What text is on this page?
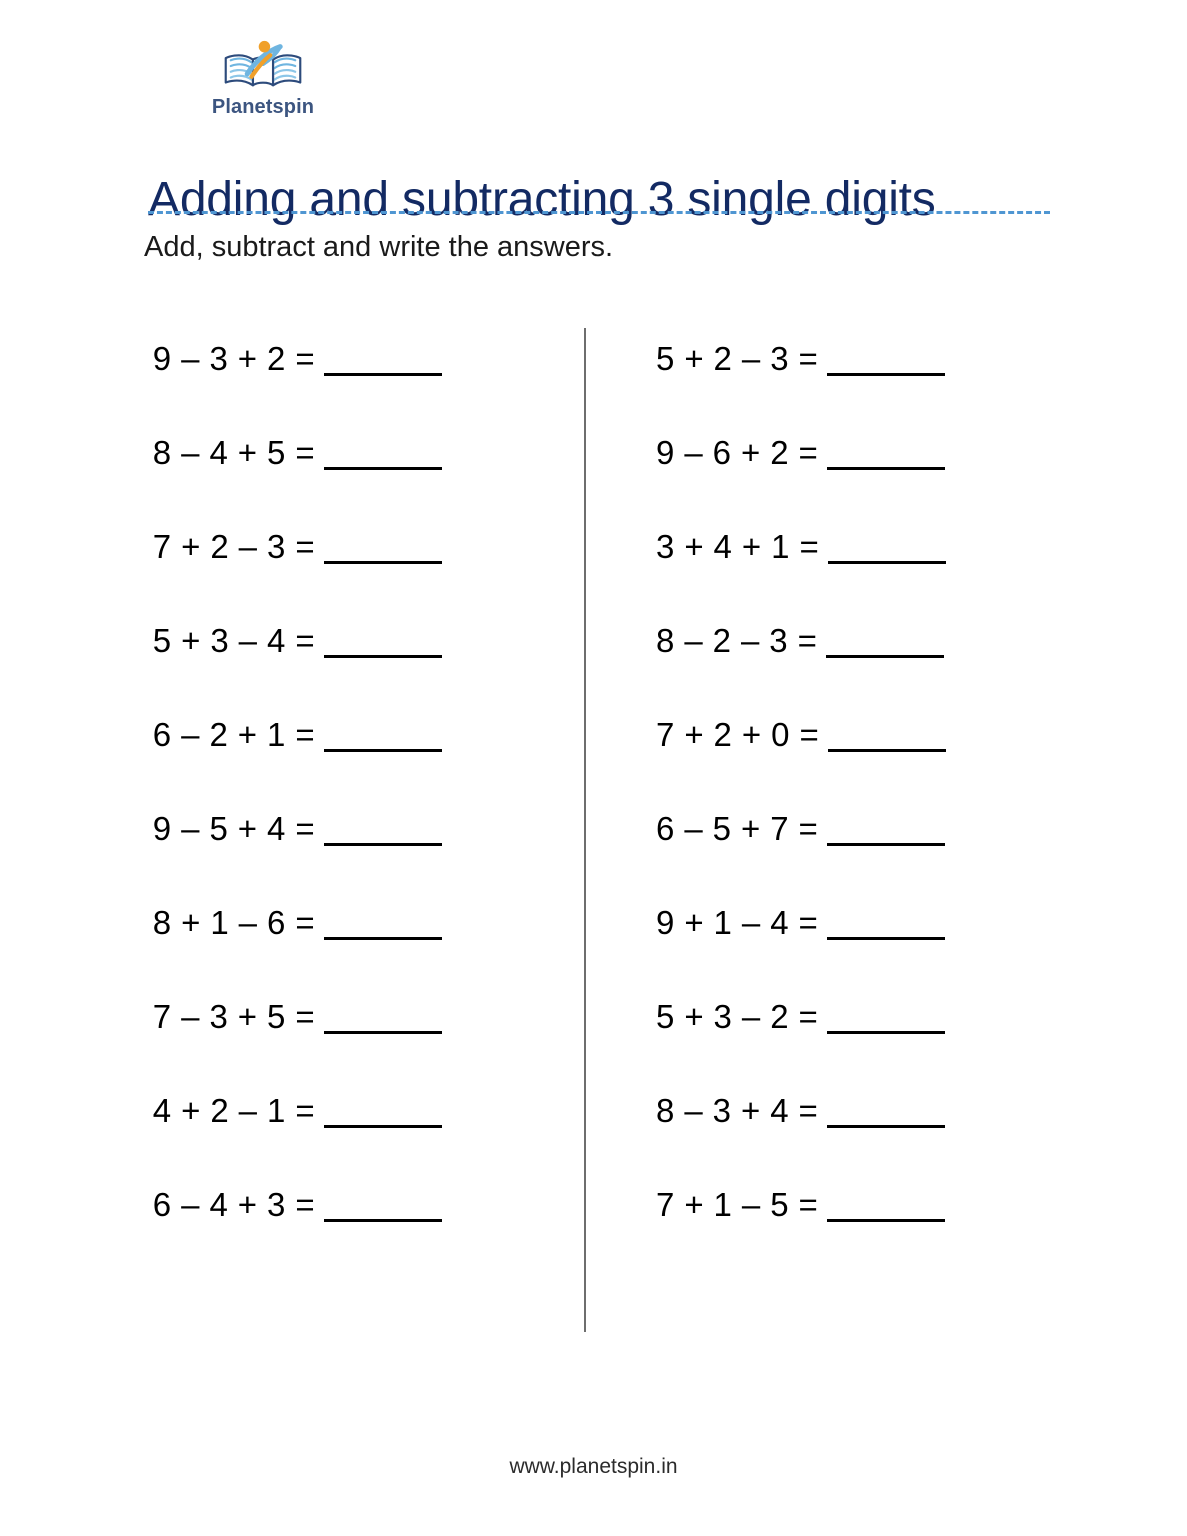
Planetspin
Adding and subtracting 3 single digits
Add, subtract and write the answers.
9 – 3 + 2 =
8 – 4 + 5 =
7 + 2 – 3 =
5 + 3 – 4 =
6 – 2 + 1 =
9 – 5 + 4 =
8 + 1 – 6 =
7 – 3 + 5 =
4 + 2 – 1 =
6 – 4 + 3 =
5 + 2 – 3 =
9 – 6 + 2 =
3 + 4 + 1 =
8 – 2 – 3 =
7 + 2 + 0 =
6 – 5 + 7 =
9 + 1 – 4 =
5 + 3 – 2 =
8 – 3 + 4 =
7 + 1 – 5 =
www.planetspin.in
